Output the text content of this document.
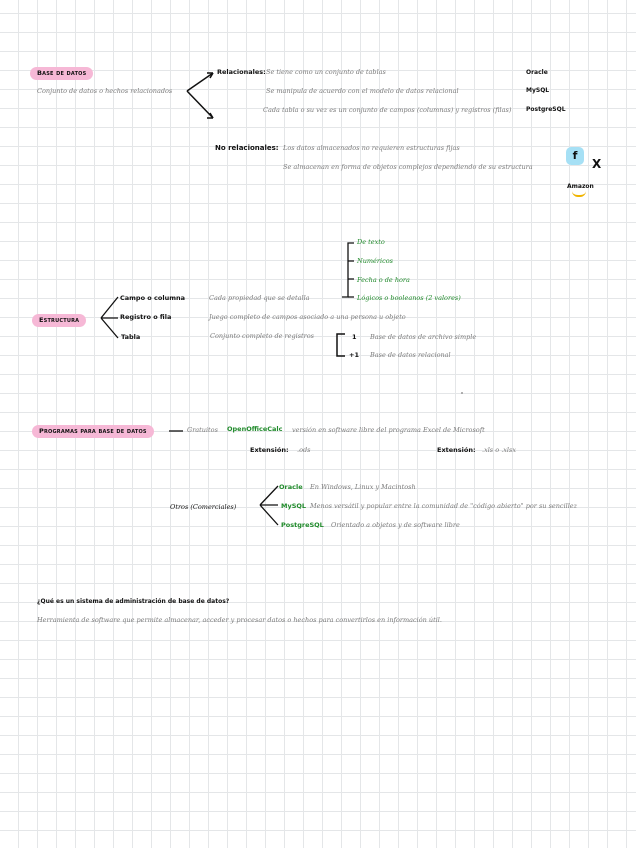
Base de datos
Conjunto de datos o hechos relacionados
Relacionales: Se tiene como un conjunto de tablas
Se manipula de acuerdo con el modelo de datos relacional
Cada tabla o su vez es un conjunto de campos (columnas) y registros (filas)
Oracle
MySQL
PostgreSQL
No relacionales: Los datos almacenados no requieren estructuras fijas
Se almacenan en forma de objetos complejos dependiendo de su estructura
f
X
Amazon
De texto
Numéricos
Fecha o de hora
Lógicos o booleanos (2 valores)
Estructura
Campo o columna
Registro o fila
Tabla
Cada propiedad que se detalla
Juego completo de campos asociado a una persona u objeto
Conjunto completo de registros	1 Base de datos de archivo simple
+1 Base de datos relacional
Programas para base de datos	Gratuitos OpenOfficeCalc versión en software libre del programa Excel de Microsoft
Extensión: .ods	Extensión: .xls o .xlsx
Otros (Comerciales)
Oracle En Windows, Linux y Macintosh
MySQL Menos versátil y popular entre la comunidad de "código abierto" por su sencillez
PostgreSQL Orientado a objetos y de software libre
¿Qué es un sistema de administración de base de datos?
Herramienta de software que permite almacenar, acceder y procesar datos o hechos para convertirlos en información útil.
